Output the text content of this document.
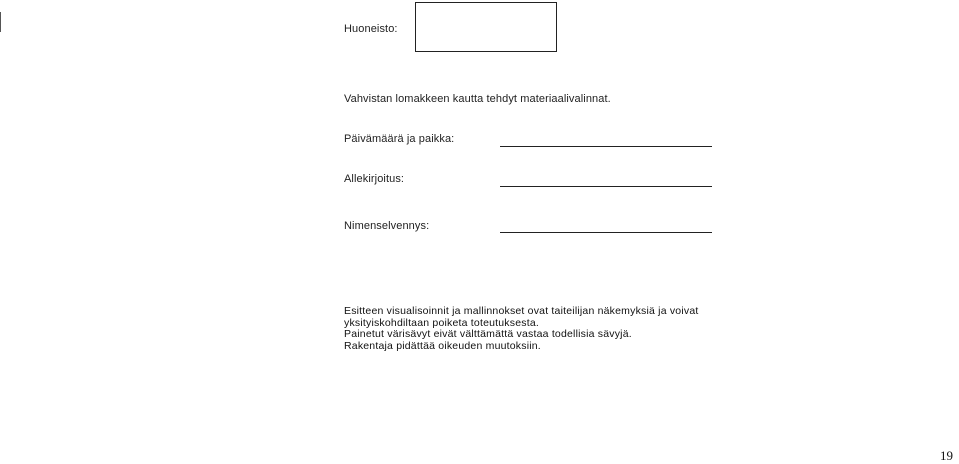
Huoneisto:
Vahvistan lomakkeen kautta tehdyt materiaalivalinnat.
Päivämäärä ja paikka:
Allekirjoitus:
Nimenselvennys:
Esitteen visualisoinnit ja mallinnokset ovat taiteilijan näkemyksiä ja voivat
yksityiskohdiltaan poiketa toteutuksesta.
Painetut värisävyt eivät välttämättä vastaa todellisia sävyjä.
Rakentaja pidättää oikeuden muutoksiin.
19
